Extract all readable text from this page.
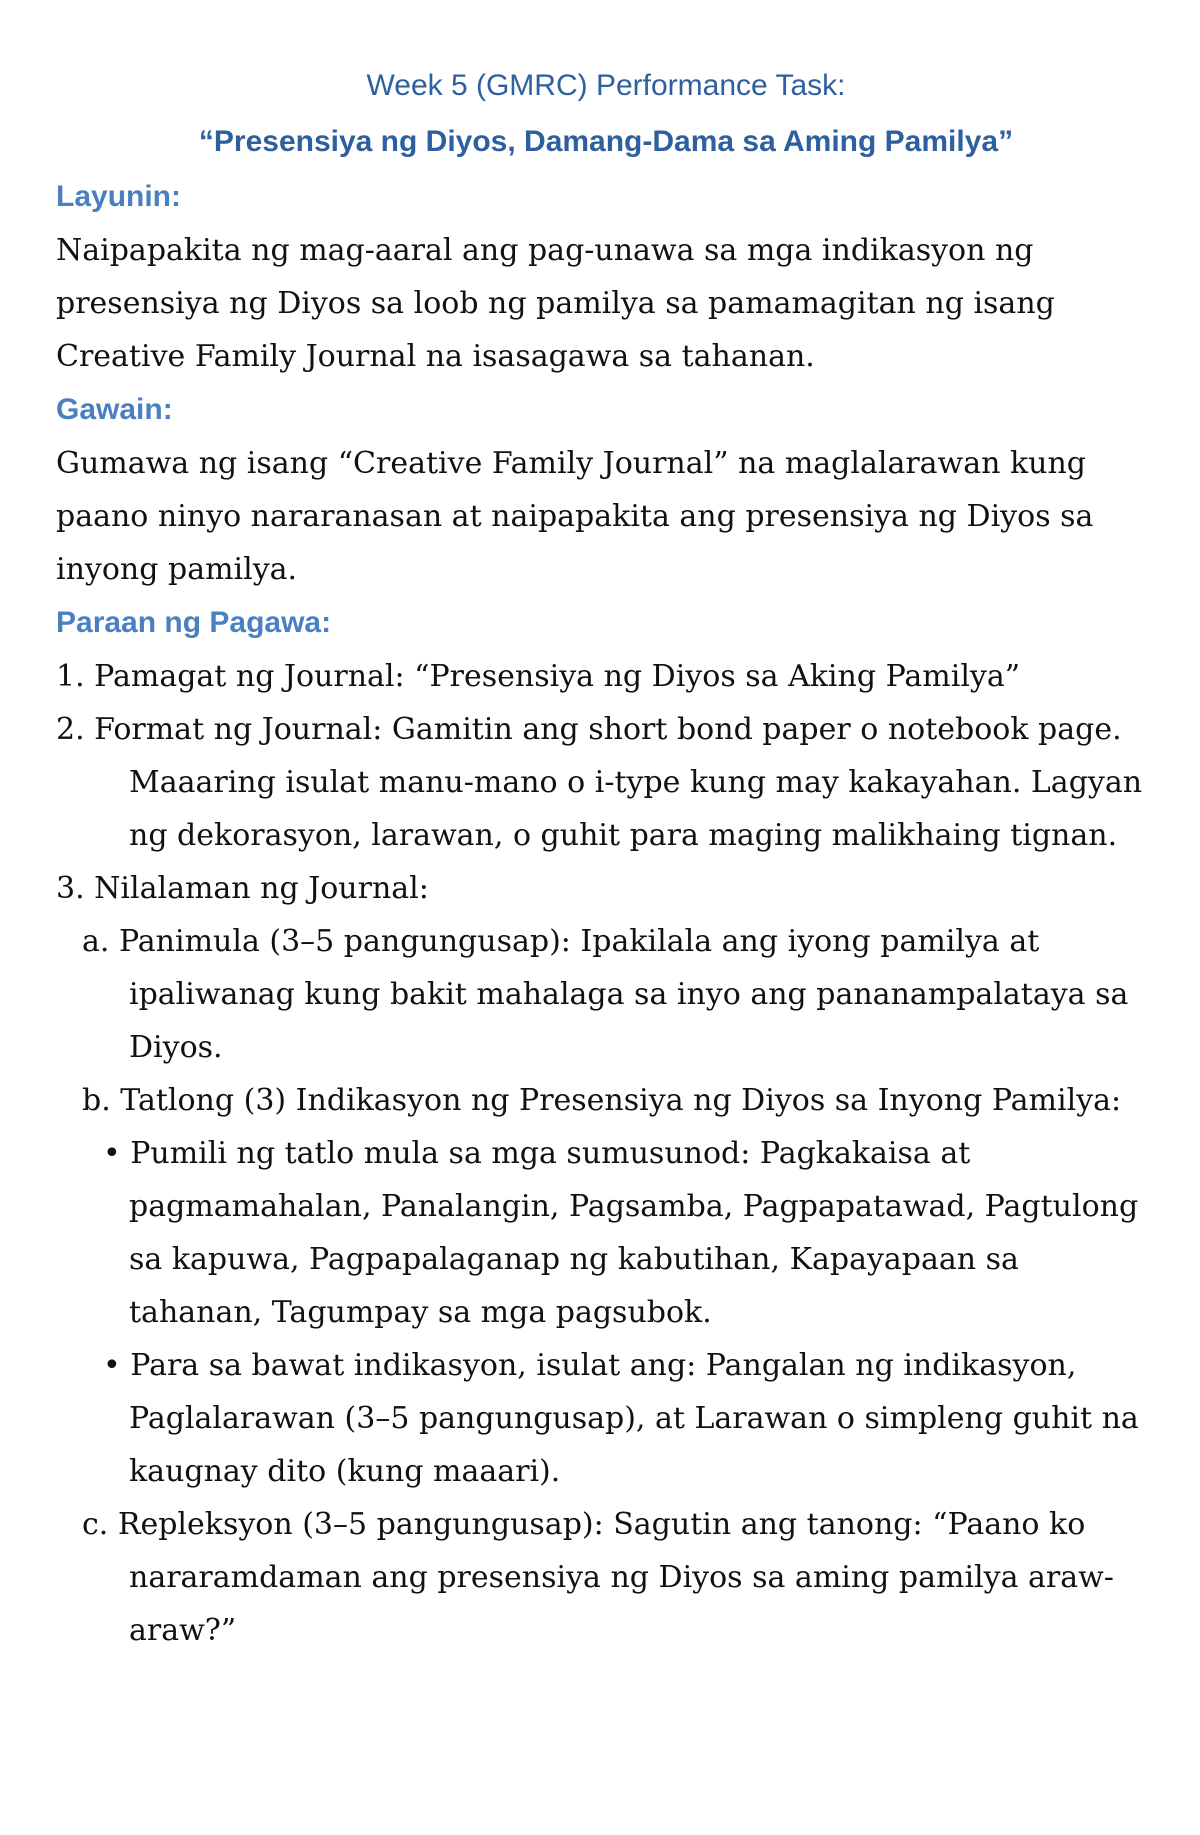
Week 5 (GMRC) Performance Task:
“Presensiya ng Diyos, Damang-Dama sa Aming Pamilya”
Layunin:

Naipapakita ng mag-aaral ang pag-unawa sa mga indikasyon ng presensiya ng Diyos sa loob ng pamilya sa pamamagitan ng isang Creative Family Journal na isasagawa sa tahanan.

Gawain:

Gumawa ng isang “Creative Family Journal” na maglalarawan kung paano ninyo nararanasan at naipapakita ang presensiya ng Diyos sa inyong pamilya.

Paraan ng Pagawa:

1. Pamagat ng Journal: “Presensiya ng Diyos sa Aking Pamilya”

2. Format ng Journal: Gamitin ang short bond paper o notebook page. Maaaring isulat manu-mano o i-type kung may kakayahan. Lagyan ng dekorasyon, larawan, o guhit para maging malikhaing tignan.

3. Nilalaman ng Journal:

a. Panimula (3–5 pangungusap): Ipakilala ang iyong pamilya at ipaliwanag kung bakit mahalaga sa inyo ang pananampalataya sa Diyos.

b. Tatlong (3) Indikasyon ng Presensiya ng Diyos sa Inyong Pamilya:

• Pumili ng tatlo mula sa mga sumusunod: Pagkakaisa at pagmamahalan, Panalangin, Pagsamba, Pagpapatawad, Pagtulong sa kapuwa, Pagpapalaganap ng kabutihan, Kapayapaan sa tahanan, Tagumpay sa mga pagsubok.

• Para sa bawat indikasyon, isulat ang: Pangalan ng indikasyon, Paglalarawan (3–5 pangungusap), at Larawan o simpleng guhit na kaugnay dito (kung maaari).

c. Repleksyon (3–5 pangungusap): Sagutin ang tanong: “Paano ko nararamdaman ang presensiya ng Diyos sa aming pamilya araw-araw?”
